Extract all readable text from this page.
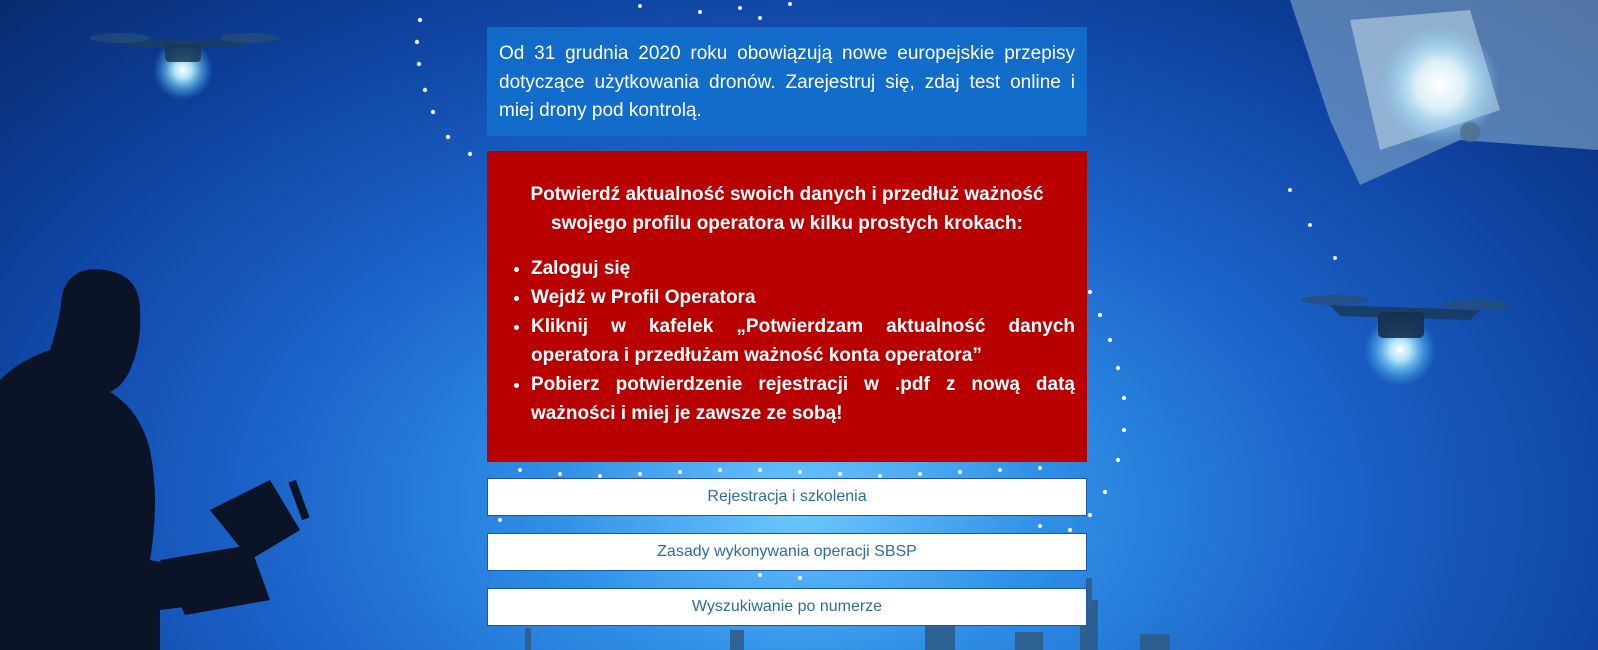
Od 31 grudnia 2020 roku obowiązują nowe europejskie przepisy dotyczące użytkowania dronów. Zarejestruj się, zdaj test online i miej drony pod kontrolą.

Potwierdź aktualność swoich danych i przedłuż ważność swojego profilu operatora w kilku prostych krokach:

• Zaloguj się
• Wejdź w Profil Operatora
• Kliknij w kafelek „Potwierdzam aktualność danych operatora i przedłużam ważność konta operatora”
• Pobierz potwierdzenie rejestracji w .pdf z nową datą ważności i miej je zawsze ze sobą!
Rejestracja i szkolenia
Zasady wykonywania operacji SBSP
Wyszukiwanie po numerze
